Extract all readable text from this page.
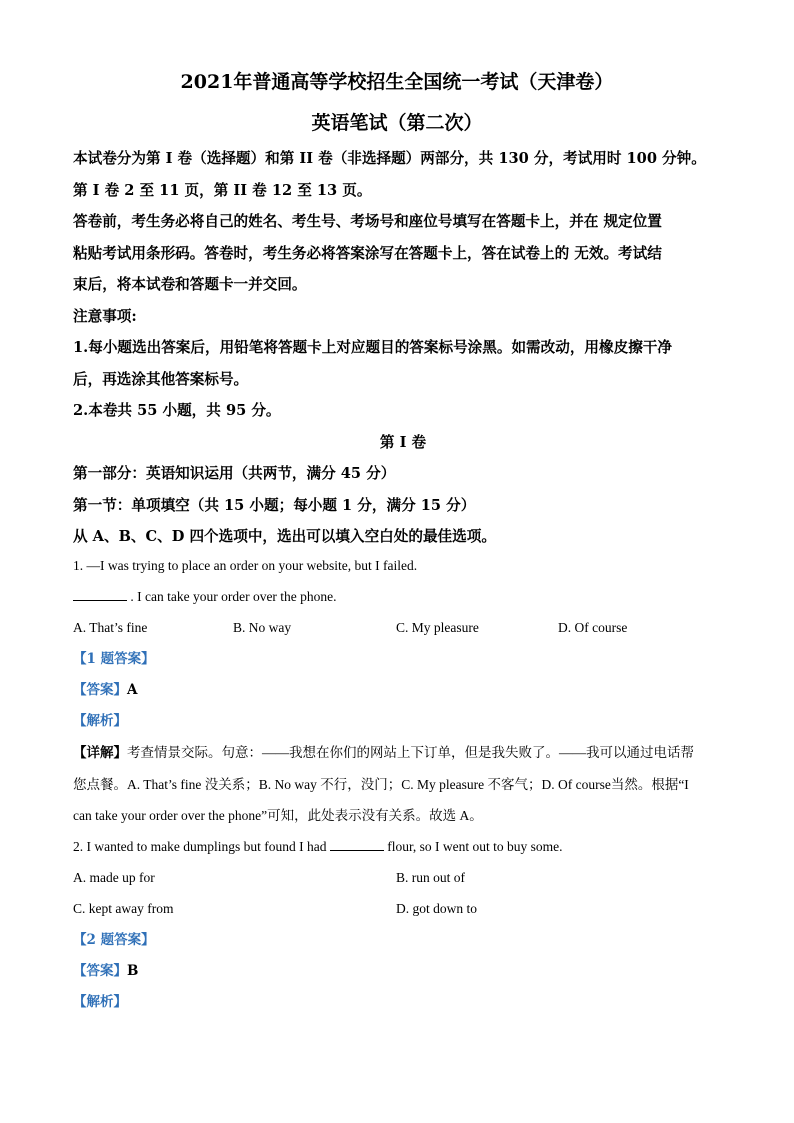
2021年普通高等学校招生全国统一考试（天津卷）
英语笔试（第二次）

本试卷分为第 I 卷（选择题）和第 II 卷（非选择题）两部分，共 130 分，考试用时 100 分钟。

第 I 卷 2 至 11 页，第 II 卷 12 至 13 页。

答卷前，考生务必将自己的姓名、考生号、考场号和座位号填写在答题卡上，并在 规定位置

粘贴考试用条形码。答卷时，考生务必将答案涂写在答题卡上，答在试卷上的 无效。考试结

束后，将本试卷和答题卡一并交回。

注意事项:

1.每小题选出答案后，用铅笔将答题卡上对应题目的答案标号涂黑。如需改动，用橡皮擦干净

后，再选涂其他答案标号。

2.本卷共 55 小题，共 95 分。

第 I 卷

第一部分：英语知识运用（共两节，满分 45 分）

第一节：单项填空（共 15 小题；每小题 1 分，满分 15 分）

从 A、B、C、D 四个选项中，选出可以填入空白处的最佳选项。

1. —I was trying to place an order on your website, but I failed.

. I can take your order over the phone.

A. That’s fine	B. No way	C. My pleasure	D. Of course

【1 题答案】

【答案】A

【解析】

【详解】考查情景交际。句意：——我想在你们的网站上下订单，但是我失败了。——我可以通过电话帮

您点餐。A. That’s fine 没关系；B. No way 不行，没门；C. My pleasure 不客气；D. Of course当然。根据“I

can take your order over the phone”可知，此处表示没有关系。故选 A。

2. I wanted to make dumplings but found I had	flour, so I went out to buy some.

A. made up for	B. run out of
C. kept away from	D. got down to

【2 题答案】

【答案】B

【解析】
